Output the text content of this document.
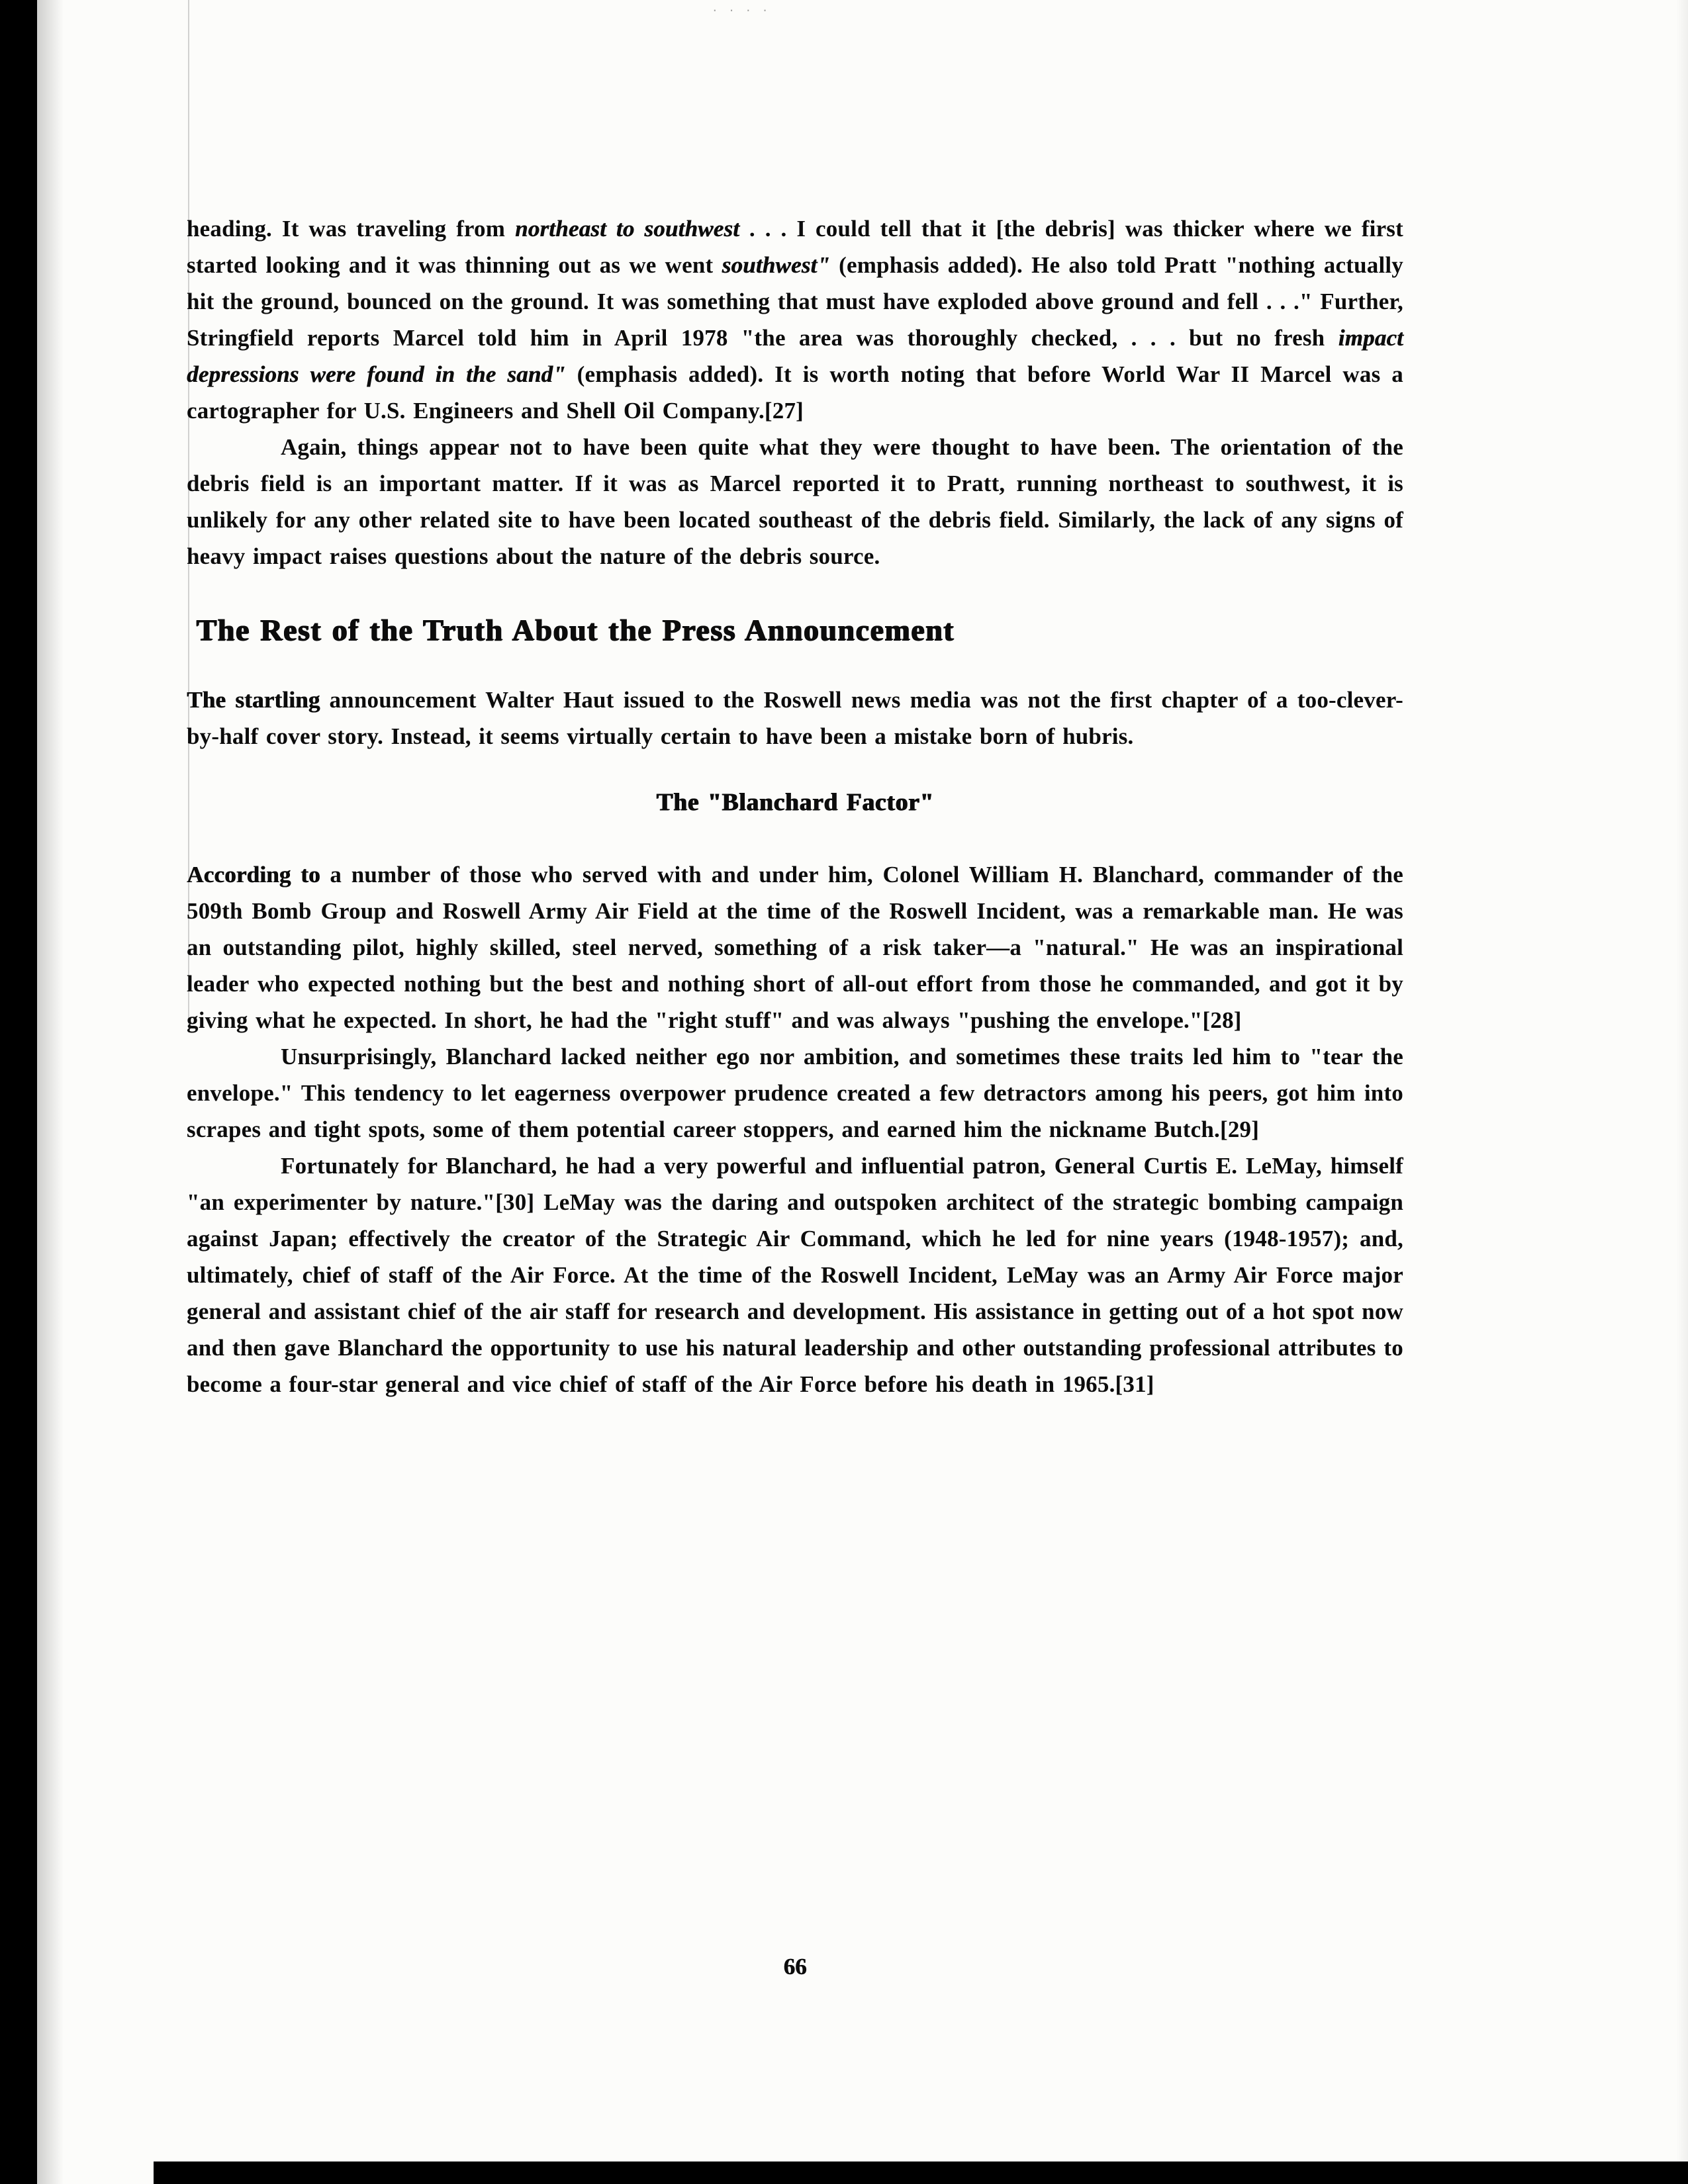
. . . .

heading. It was traveling from northeast to southwest . . . I could tell that it [the debris] was thicker where we first started looking and it was thinning out as we went southwest" (emphasis added). He also told Pratt "nothing actually hit the ground, bounced on the ground. It was something that must have exploded above ground and fell . . ." Further, Stringfield reports Marcel told him in April 1978 "the area was thoroughly checked, . . . but no fresh impact depressions were found in the sand" (emphasis added). It is worth noting that before World War II Marcel was a cartographer for U.S. Engineers and Shell Oil Company.[27]

Again, things appear not to have been quite what they were thought to have been. The orientation of the debris field is an important matter. If it was as Marcel reported it to Pratt, running northeast to southwest, it is unlikely for any other related site to have been located southeast of the debris field. Similarly, the lack of any signs of heavy impact raises questions about the nature of the debris source.

The Rest of the Truth About the Press Announcement

The startling announcement Walter Haut issued to the Roswell news media was not the first chapter of a too-clever-by-half cover story. Instead, it seems virtually certain to have been a mistake born of hubris.

The "Blanchard Factor"

According to a number of those who served with and under him, Colonel William H. Blanchard, commander of the 509th Bomb Group and Roswell Army Air Field at the time of the Roswell Incident, was a remarkable man. He was an outstanding pilot, highly skilled, steel nerved, something of a risk taker—a "natural." He was an inspirational leader who expected nothing but the best and nothing short of all-out effort from those he commanded, and got it by giving what he expected. In short, he had the "right stuff" and was always "pushing the envelope."[28]

Unsurprisingly, Blanchard lacked neither ego nor ambition, and sometimes these traits led him to "tear the envelope." This tendency to let eagerness overpower prudence created a few detractors among his peers, got him into scrapes and tight spots, some of them potential career stoppers, and earned him the nickname Butch.[29]

Fortunately for Blanchard, he had a very powerful and influential patron, General Curtis E. LeMay, himself "an experimenter by nature."[30] LeMay was the daring and outspoken architect of the strategic bombing campaign against Japan; effectively the creator of the Strategic Air Command, which he led for nine years (1948-1957); and, ultimately, chief of staff of the Air Force. At the time of the Roswell Incident, LeMay was an Army Air Force major general and assistant chief of the air staff for research and development. His assistance in getting out of a hot spot now and then gave Blanchard the opportunity to use his natural leadership and other outstanding professional attributes to become a four-star general and vice chief of staff of the Air Force before his death in 1965.[31]

66
